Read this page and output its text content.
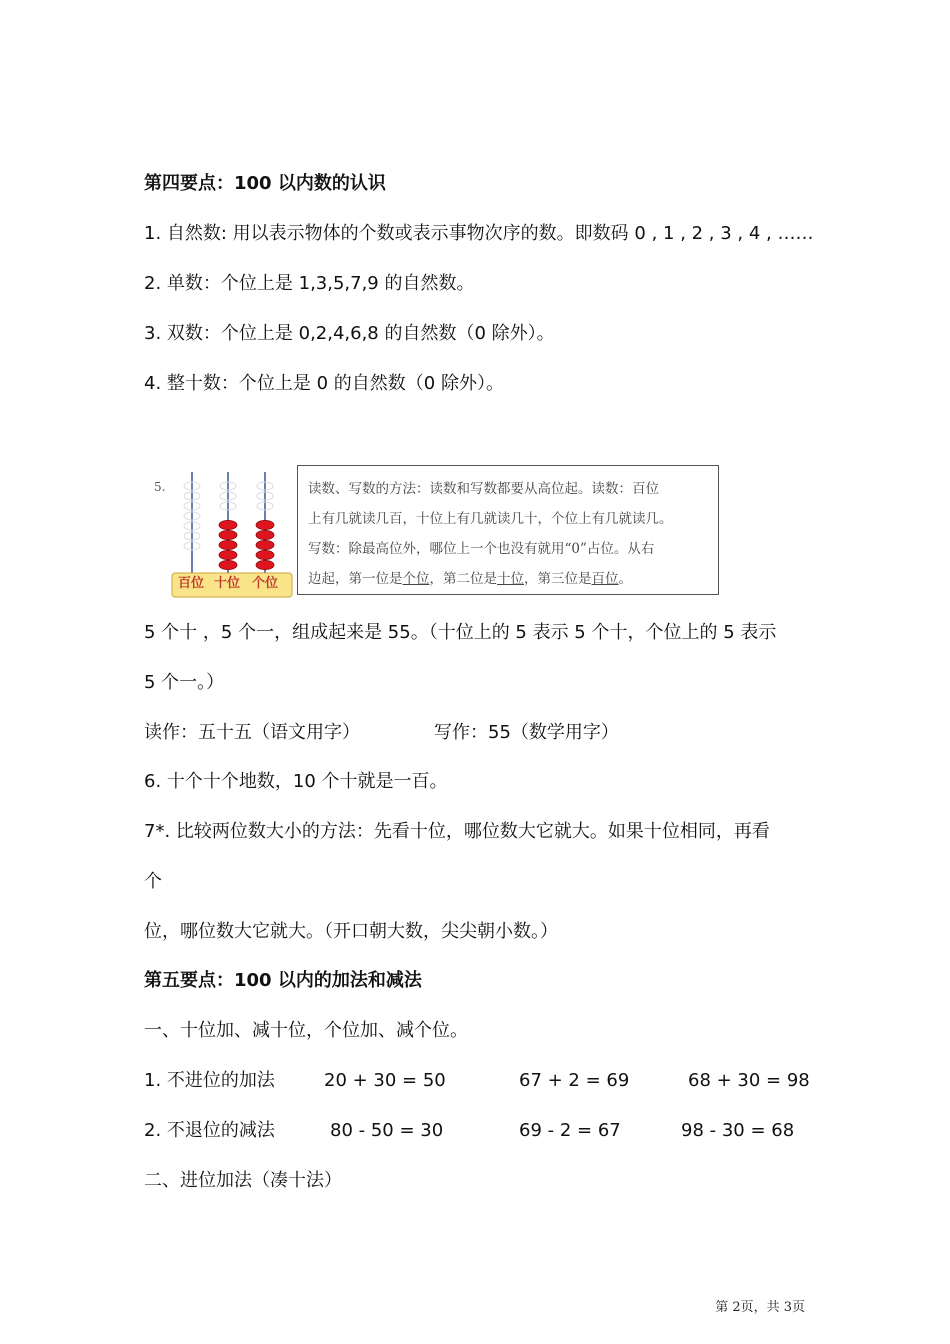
第四要点：100 以内数的认识
1. 自然数: 用以表示物体的个数或表示事物次序的数。即数码 0 , 1 , 2 , 3 , 4 , ……
2. 单数：个位上是 1,3,5,7,9 的自然数。
3. 双数：个位上是 0,2,4,6,8 的自然数（0 除外）。
4. 整十数：个位上是 0 的自然数（0 除外）。
5.
百位 十位 个位
读数、写数的方法：读数和写数都要从高位起。读数：百位
上有几就读几百，十位上有几就读几十，个位上有几就读几。
写数：除最高位外，哪位上一个也没有就用“0”占位。从右
边起，第一位是个位，第二位是十位，第三位是百位。
5 个十 ，5 个一，组成起来是 55。（十位上的 5 表示 5 个十，个位上的 5 表示
5 个一。）
读作：五十五（语文用字）	写作：55（数学用字）
6. 十个十个地数，10 个十就是一百。
7*. 比较两位数大小的方法：先看十位，哪位数大它就大。如果十位相同，再看
个
位，哪位数大它就大。（开口朝大数，尖尖朝小数。）
第五要点：100 以内的加法和减法
一、十位加、减十位，个位加、减个位。
1. 不进位的加法	20 + 30 = 50	67 + 2 = 69	68 + 30 = 98
2. 不退位的减法	80 - 50 = 30	69 - 2 = 67	98 - 30 = 68
二、进位加法（凑十法）
第 2页，共 3页
